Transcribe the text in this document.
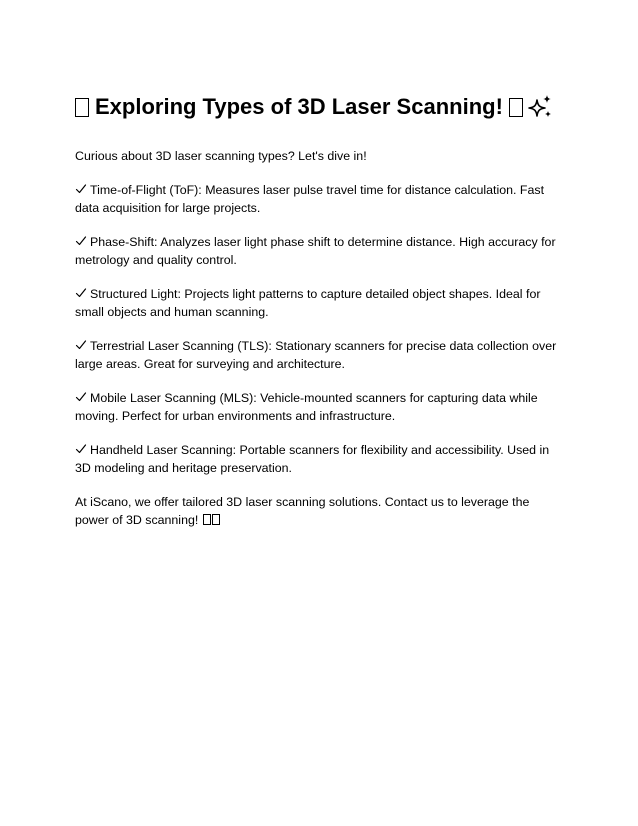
Exploring Types of 3D Laser Scanning!

Curious about 3D laser scanning types? Let's dive in!

Time-of-Flight (ToF): Measures laser pulse travel time for distance calculation. Fast data acquisition for large projects.

Phase-Shift: Analyzes laser light phase shift to determine distance. High accuracy for metrology and quality control.

Structured Light: Projects light patterns to capture detailed object shapes. Ideal for small objects and human scanning.

Terrestrial Laser Scanning (TLS): Stationary scanners for precise data collection over large areas. Great for surveying and architecture.

Mobile Laser Scanning (MLS): Vehicle-mounted scanners for capturing data while moving. Perfect for urban environments and infrastructure.

Handheld Laser Scanning: Portable scanners for flexibility and accessibility. Used in 3D modeling and heritage preservation.

At iScano, we offer tailored 3D laser scanning solutions. Contact us to leverage the power of 3D scanning!
